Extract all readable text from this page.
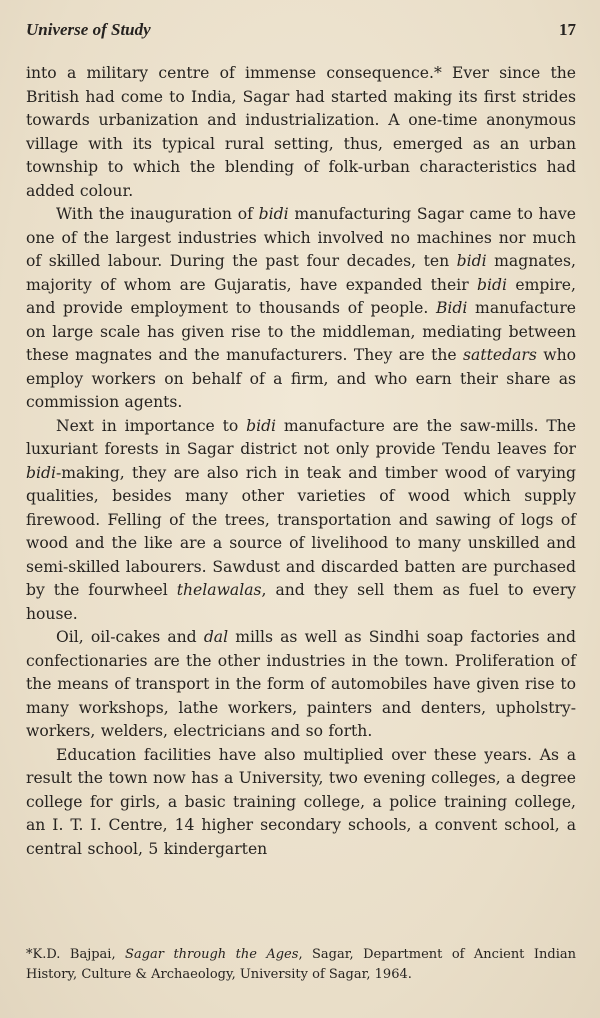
Universe of Study	17

into a military centre of immense consequence.* Ever since the British had come to India, Sagar had started making its first strides towards urbanization and industrialization. A one-time anonymous village with its typical rural setting, thus, emerged as an urban township to which the blending of folk-urban characteristics had added colour.

With the inauguration of bidi manufacturing Sagar came to have one of the largest industries which involved no machines nor much of skilled labour. During the past four decades, ten bidi magnates, majority of whom are Gujaratis, have expanded their bidi empire, and provide employment to thousands of people. Bidi manufacture on large scale has given rise to the middleman, mediating between these magnates and the manufacturers. They are the sattedars who employ workers on behalf of a firm, and who earn their share as commission agents.

Next in importance to bidi manufacture are the saw-mills. The luxuriant forests in Sagar district not only provide Tendu leaves for bidi-making, they are also rich in teak and timber wood of varying qualities, besides many other varieties of wood which supply firewood. Felling of the trees, transportation and sawing of logs of wood and the like are a source of livelihood to many unskilled and semi-skilled labourers. Sawdust and discarded batten are purchased by the fourwheel thelawalas, and they sell them as fuel to every house.

Oil, oil-cakes and dal mills as well as Sindhi soap factories and confectionaries are the other industries in the town. Proliferation of the means of transport in the form of automobiles have given rise to many workshops, lathe workers, painters and denters, upholstry-workers, welders, electricians and so forth.

Education facilities have also multiplied over these years. As a result the town now has a University, two evening colleges, a degree college for girls, a basic training college, a police training college, an I. T. I. Centre, 14 higher secondary schools, a convent school, a central school, 5 kindergarten

*K.D. Bajpai, Sagar through the Ages, Sagar, Department of Ancient Indian History, Culture & Archaeology, University of Sagar, 1964.
